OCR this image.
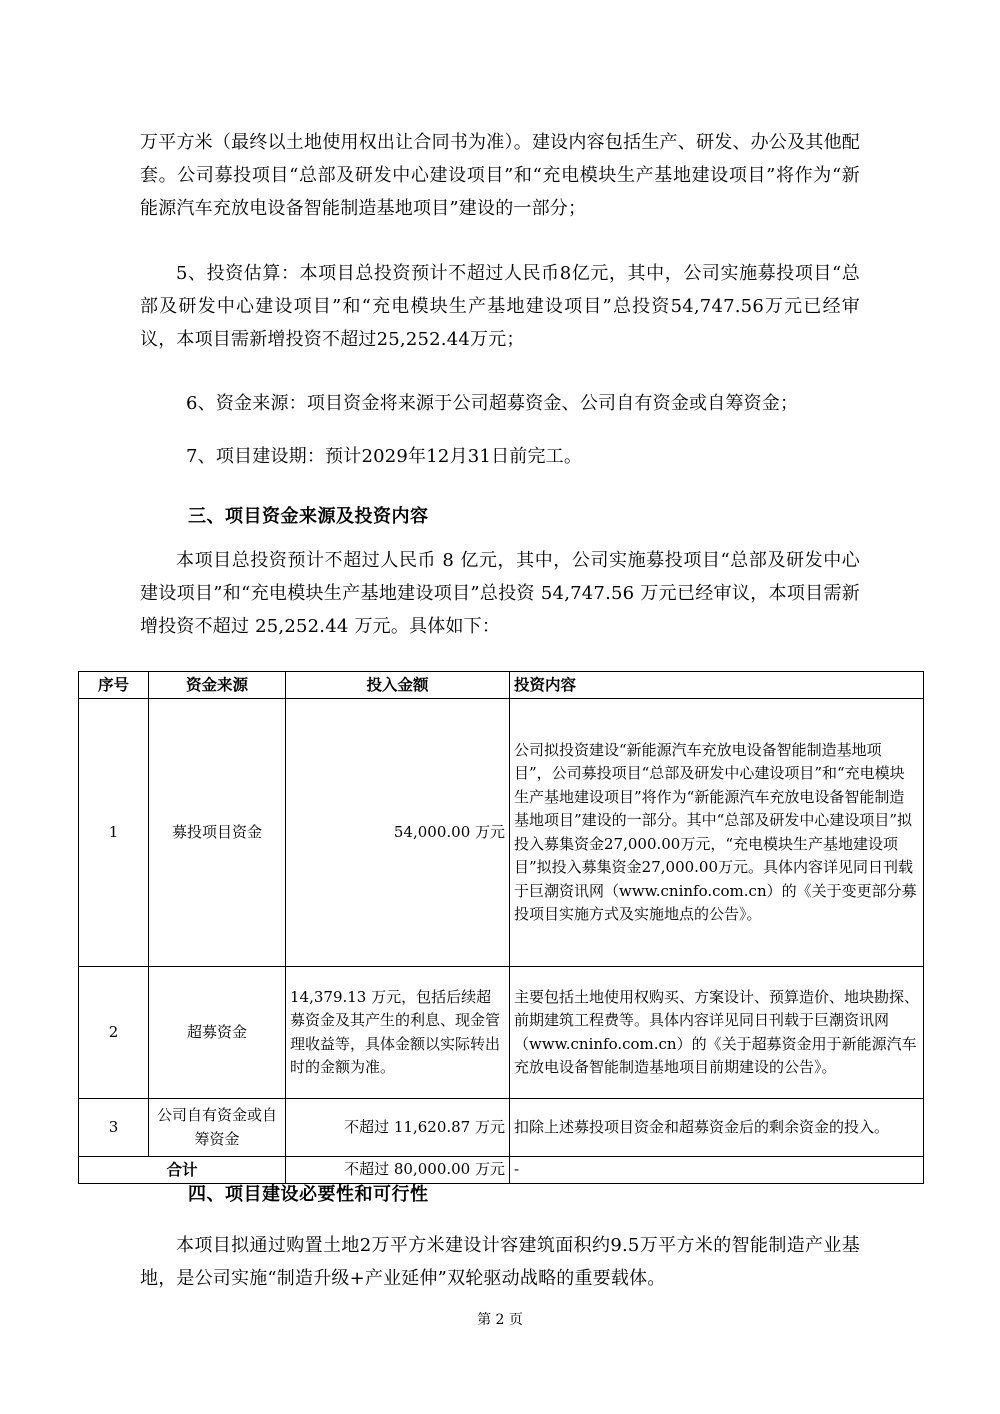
万平方米（最终以土地使用权出让合同书为准）。建设内容包括生产、研发、办公及其他配套。公司募投项目“总部及研发中心建设项目”和“充电模块生产基地建设项目”将作为“新能源汽车充放电设备智能制造基地项目”建设的一部分；
5、投资估算：本项目总投资预计不超过人民币8亿元，其中，公司实施募投项目“总部及研发中心建设项目”和“充电模块生产基地建设项目”总投资54,747.56万元已经审议，本项目需新增投资不超过25,252.44万元；
6、资金来源：项目资金将来源于公司超募资金、公司自有资金或自筹资金；
7、项目建设期：预计2029年12月31日前完工。
三、项目资金来源及投资内容
本项目总投资预计不超过人民币 8 亿元，其中，公司实施募投项目“总部及研发中心建设项目”和“充电模块生产基地建设项目”总投资 54,747.56 万元已经审议，本项目需新增投资不超过 25,252.44 万元。具体如下：
序号	资金来源	投入金额	投资内容
1	募投项目资金	54,000.00 万元	公司拟投资建设“新能源汽车充放电设备智能制造基地项目”，公司募投项目“总部及研发中心建设项目”和“充电模块生产基地建设项目”将作为“新能源汽车充放电设备智能制造基地项目”建设的一部分。其中“总部及研发中心建设项目”拟投入募集资金27,000.00万元，“充电模块生产基地建设项目”拟投入募集资金27,000.00万元。具体内容详见同日刊载于巨潮资讯网（www.cninfo.com.cn）的《关于变更部分募投项目实施方式及实施地点的公告》。
2	超募资金	14,379.13 万元，包括后续超募资金及其产生的利息、现金管理收益等，具体金额以实际转出时的金额为准。	主要包括土地使用权购买、方案设计、预算造价、地块勘探、前期建筑工程费等。具体内容详见同日刊载于巨潮资讯网（www.cninfo.com.cn）的《关于超募资金用于新能源汽车充放电设备智能制造基地项目前期建设的公告》。
3	公司自有资金或自筹资金	不超过 11,620.87 万元	扣除上述募投项目资金和超募资金后的剩余资金的投入。
合计		不超过 80,000.00 万元	-
四、项目建设必要性和可行性
本项目拟通过购置土地2万平方米建设计容建筑面积约9.5万平方米的智能制造产业基地，是公司实施“制造升级+产业延伸”双轮驱动战略的重要载体。
第 2 页
